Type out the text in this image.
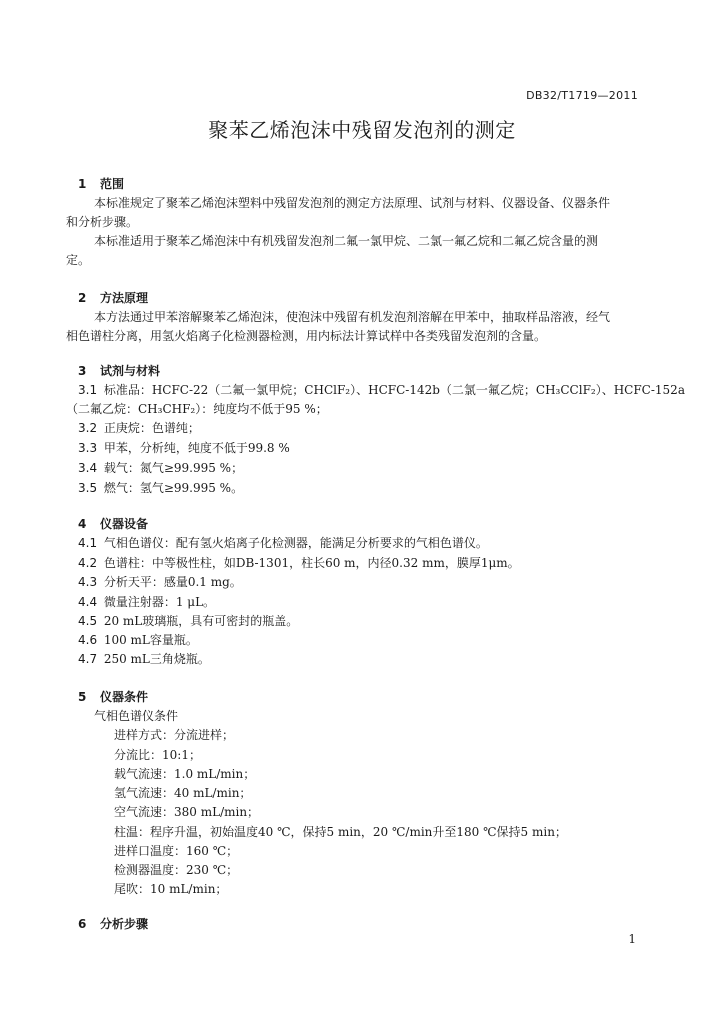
DB32/T1719—2011
聚苯乙烯泡沫中残留发泡剂的测定
1 范围
本标准规定了聚苯乙烯泡沫塑料中残留发泡剂的测定方法原理、试剂与材料、仪器设备、仪器条件
和分析步骤。
本标准适用于聚苯乙烯泡沫中有机残留发泡剂二氟一氯甲烷、二氯一氟乙烷和二氟乙烷含量的测
定。
2 方法原理
本方法通过甲苯溶解聚苯乙烯泡沫，使泡沫中残留有机发泡剂溶解在甲苯中，抽取样品溶液，经气
相色谱柱分离，用氢火焰离子化检测器检测，用内标法计算试样中各类残留发泡剂的含量。
3 试剂与材料
3.1 标准品：HCFC-22（二氟一氯甲烷；CHClF₂）、HCFC-142b（二氯一氟乙烷；CH₃CClF₂）、HCFC-152a
（二氟乙烷：CH₃CHF₂）：纯度均不低于95 %；
3.2 正庚烷：色谱纯；
3.3 甲苯，分析纯，纯度不低于99.8 %
3.4 载气：氮气≥99.995 %；
3.5 燃气：氢气≥99.995 %。
4 仪器设备
4.1 气相色谱仪：配有氢火焰离子化检测器，能满足分析要求的气相色谱仪。
4.2 色谱柱：中等极性柱，如DB-1301，柱长60 m，内径0.32 mm，膜厚1μm。
4.3 分析天平：感量0.1 mg。
4.4 微量注射器：1 μL。
4.5 20 mL玻璃瓶，具有可密封的瓶盖。
4.6 100 mL容量瓶。
4.7 250 mL三角烧瓶。
5 仪器条件
气相色谱仪条件
进样方式：分流进样；
分流比：10:1；
载气流速：1.0 mL/min；
氢气流速：40 mL/min；
空气流速：380 mL/min；
柱温：程序升温，初始温度40 ℃，保持5 min，20 ℃/min升至180 ℃保持5 min；
进样口温度：160 ℃；
检测器温度：230 ℃；
尾吹：10 mL/min；
6 分析步骤
1
